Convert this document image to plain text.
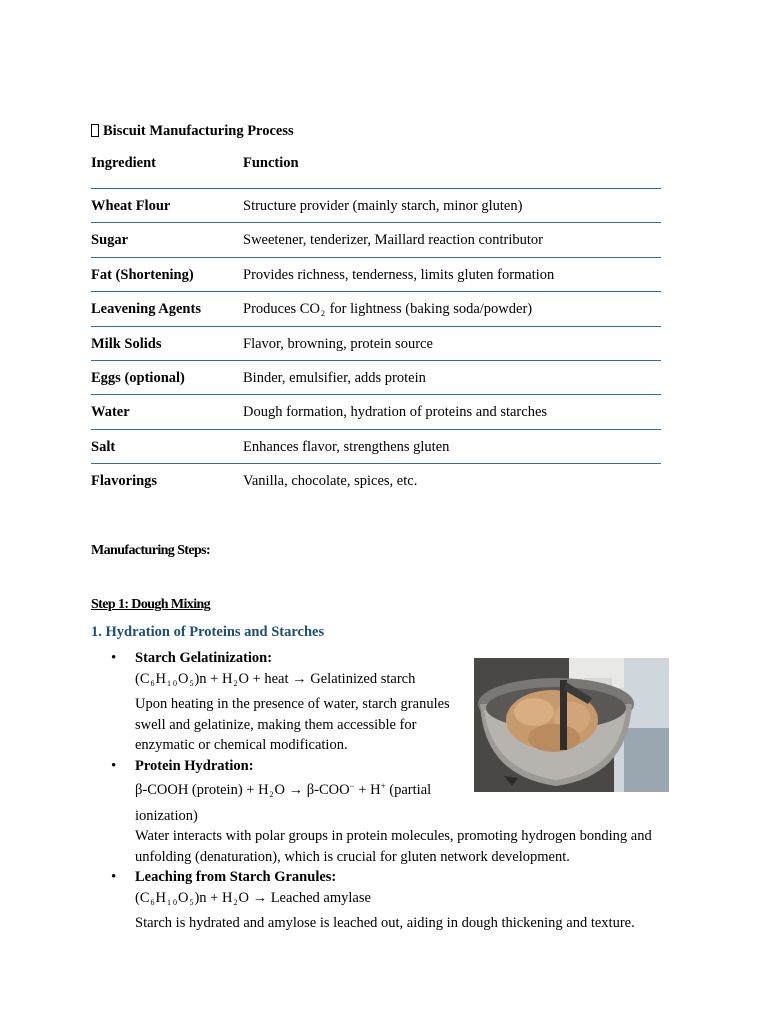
Biscuit Manufacturing Process
Ingredient	Function
Wheat Flour	Structure provider (mainly starch, minor gluten)
Sugar	Sweetener, tenderizer, Maillard reaction contributor
Fat (Shortening)	Provides richness, tenderness, limits gluten formation
Leavening Agents	Produces $CO_2$ for lightness (baking soda/powder)
Milk Solids	Flavor, browning, protein source
Eggs (optional)	Binder, emulsifier, adds protein
Water	Dough formation, hydration of proteins and starches
Salt	Enhances flavor, strengthens gluten
Flavorings	Vanilla, chocolate, spices, etc.
Manufacturing Steps:
Step 1: Dough Mixing
1. Hydration of Proteins and Starches
• Starch Gelatinization:
$(C_6H_{1 0}O_5)n + H_2O$ + heat → Gelatinized starch
Upon heating in the presence of water, starch granules
swell and gelatinize, making them accessible for
enzymatic or chemical modification.
• Protein Hydration:
β-COOH (protein) + $H_2O \to \beta-COO^- + H^+$ (partial
ionization)
Water interacts with polar groups in protein molecules, promoting hydrogen bonding and
unfolding (denaturation), which is crucial for gluten network development.
• Leaching from Starch Granules:
$(C_6H_{1 0}O_5)n + H_2O$ → Leached amylase
Starch is hydrated and amylose is leached out, aiding in dough thickening and texture.
